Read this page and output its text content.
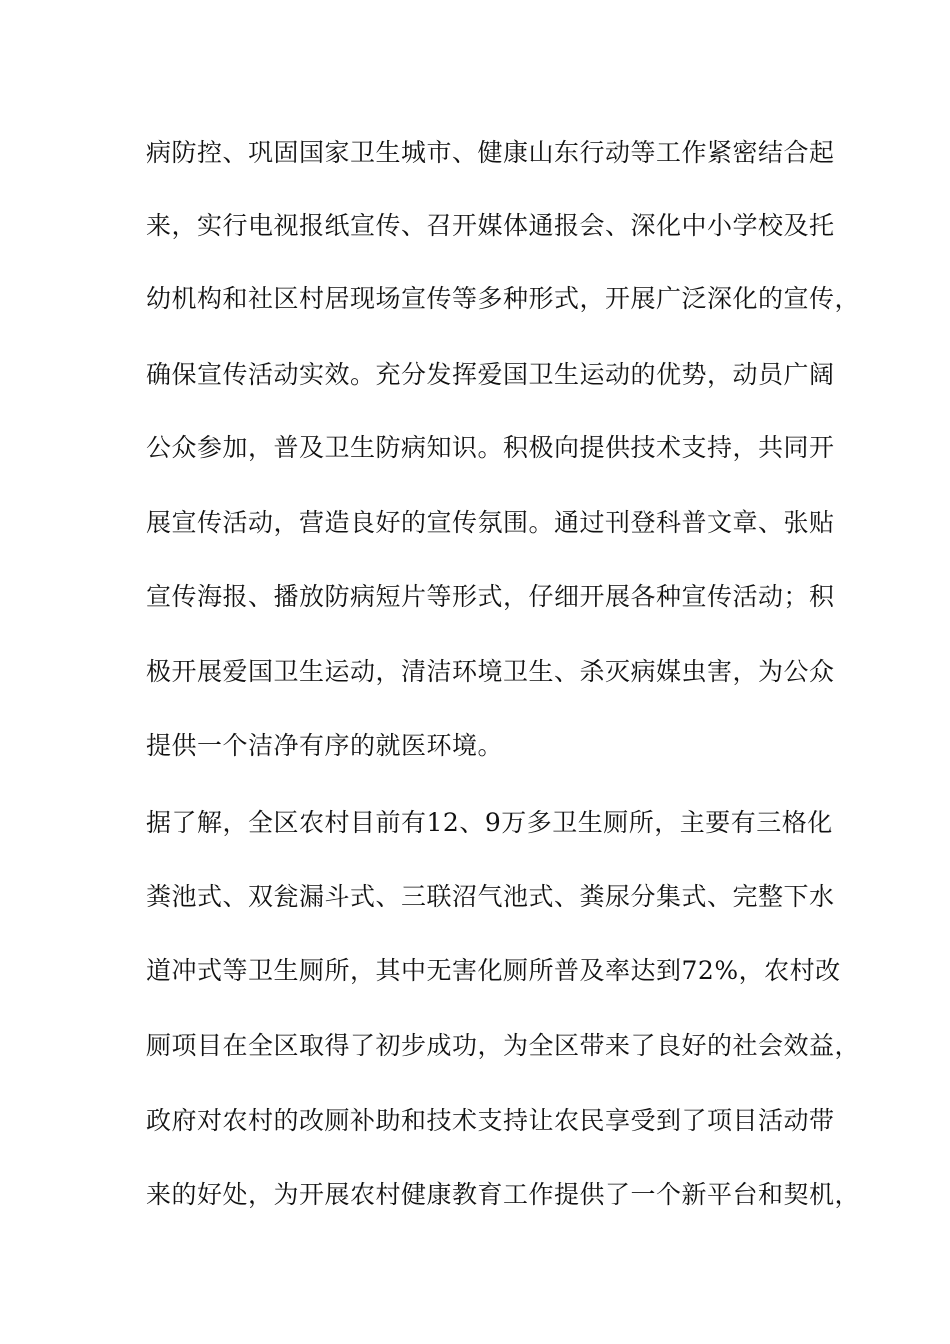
病防控、巩固国家卫生城市、健康山东行动等工作紧密结合起
来，实行电视报纸宣传、召开媒体通报会、深化中小学校及托
幼机构和社区村居现场宣传等多种形式，开展广泛深化的宣传，
确保宣传活动实效。充分发挥爱国卫生运动的优势，动员广阔
公众参加，普及卫生防病知识。积极向提供技术支持，共同开
展宣传活动，营造良好的宣传氛围。通过刊登科普文章、张贴
宣传海报、播放防病短片等形式，仔细开展各种宣传活动；积
极开展爱国卫生运动，清洁环境卫生、杀灭病媒虫害，为公众
提供一个洁净有序的就医环境。
据了解，全区农村目前有12、9万多卫生厕所，主要有三格化
粪池式、双瓮漏斗式、三联沼气池式、粪尿分集式、完整下水
道冲式等卫生厕所，其中无害化厕所普及率达到72%，农村改
厕项目在全区取得了初步成功，为全区带来了良好的社会效益，
政府对农村的改厕补助和技术支持让农民享受到了项目活动带
来的好处，为开展农村健康教育工作提供了一个新平台和契机，
